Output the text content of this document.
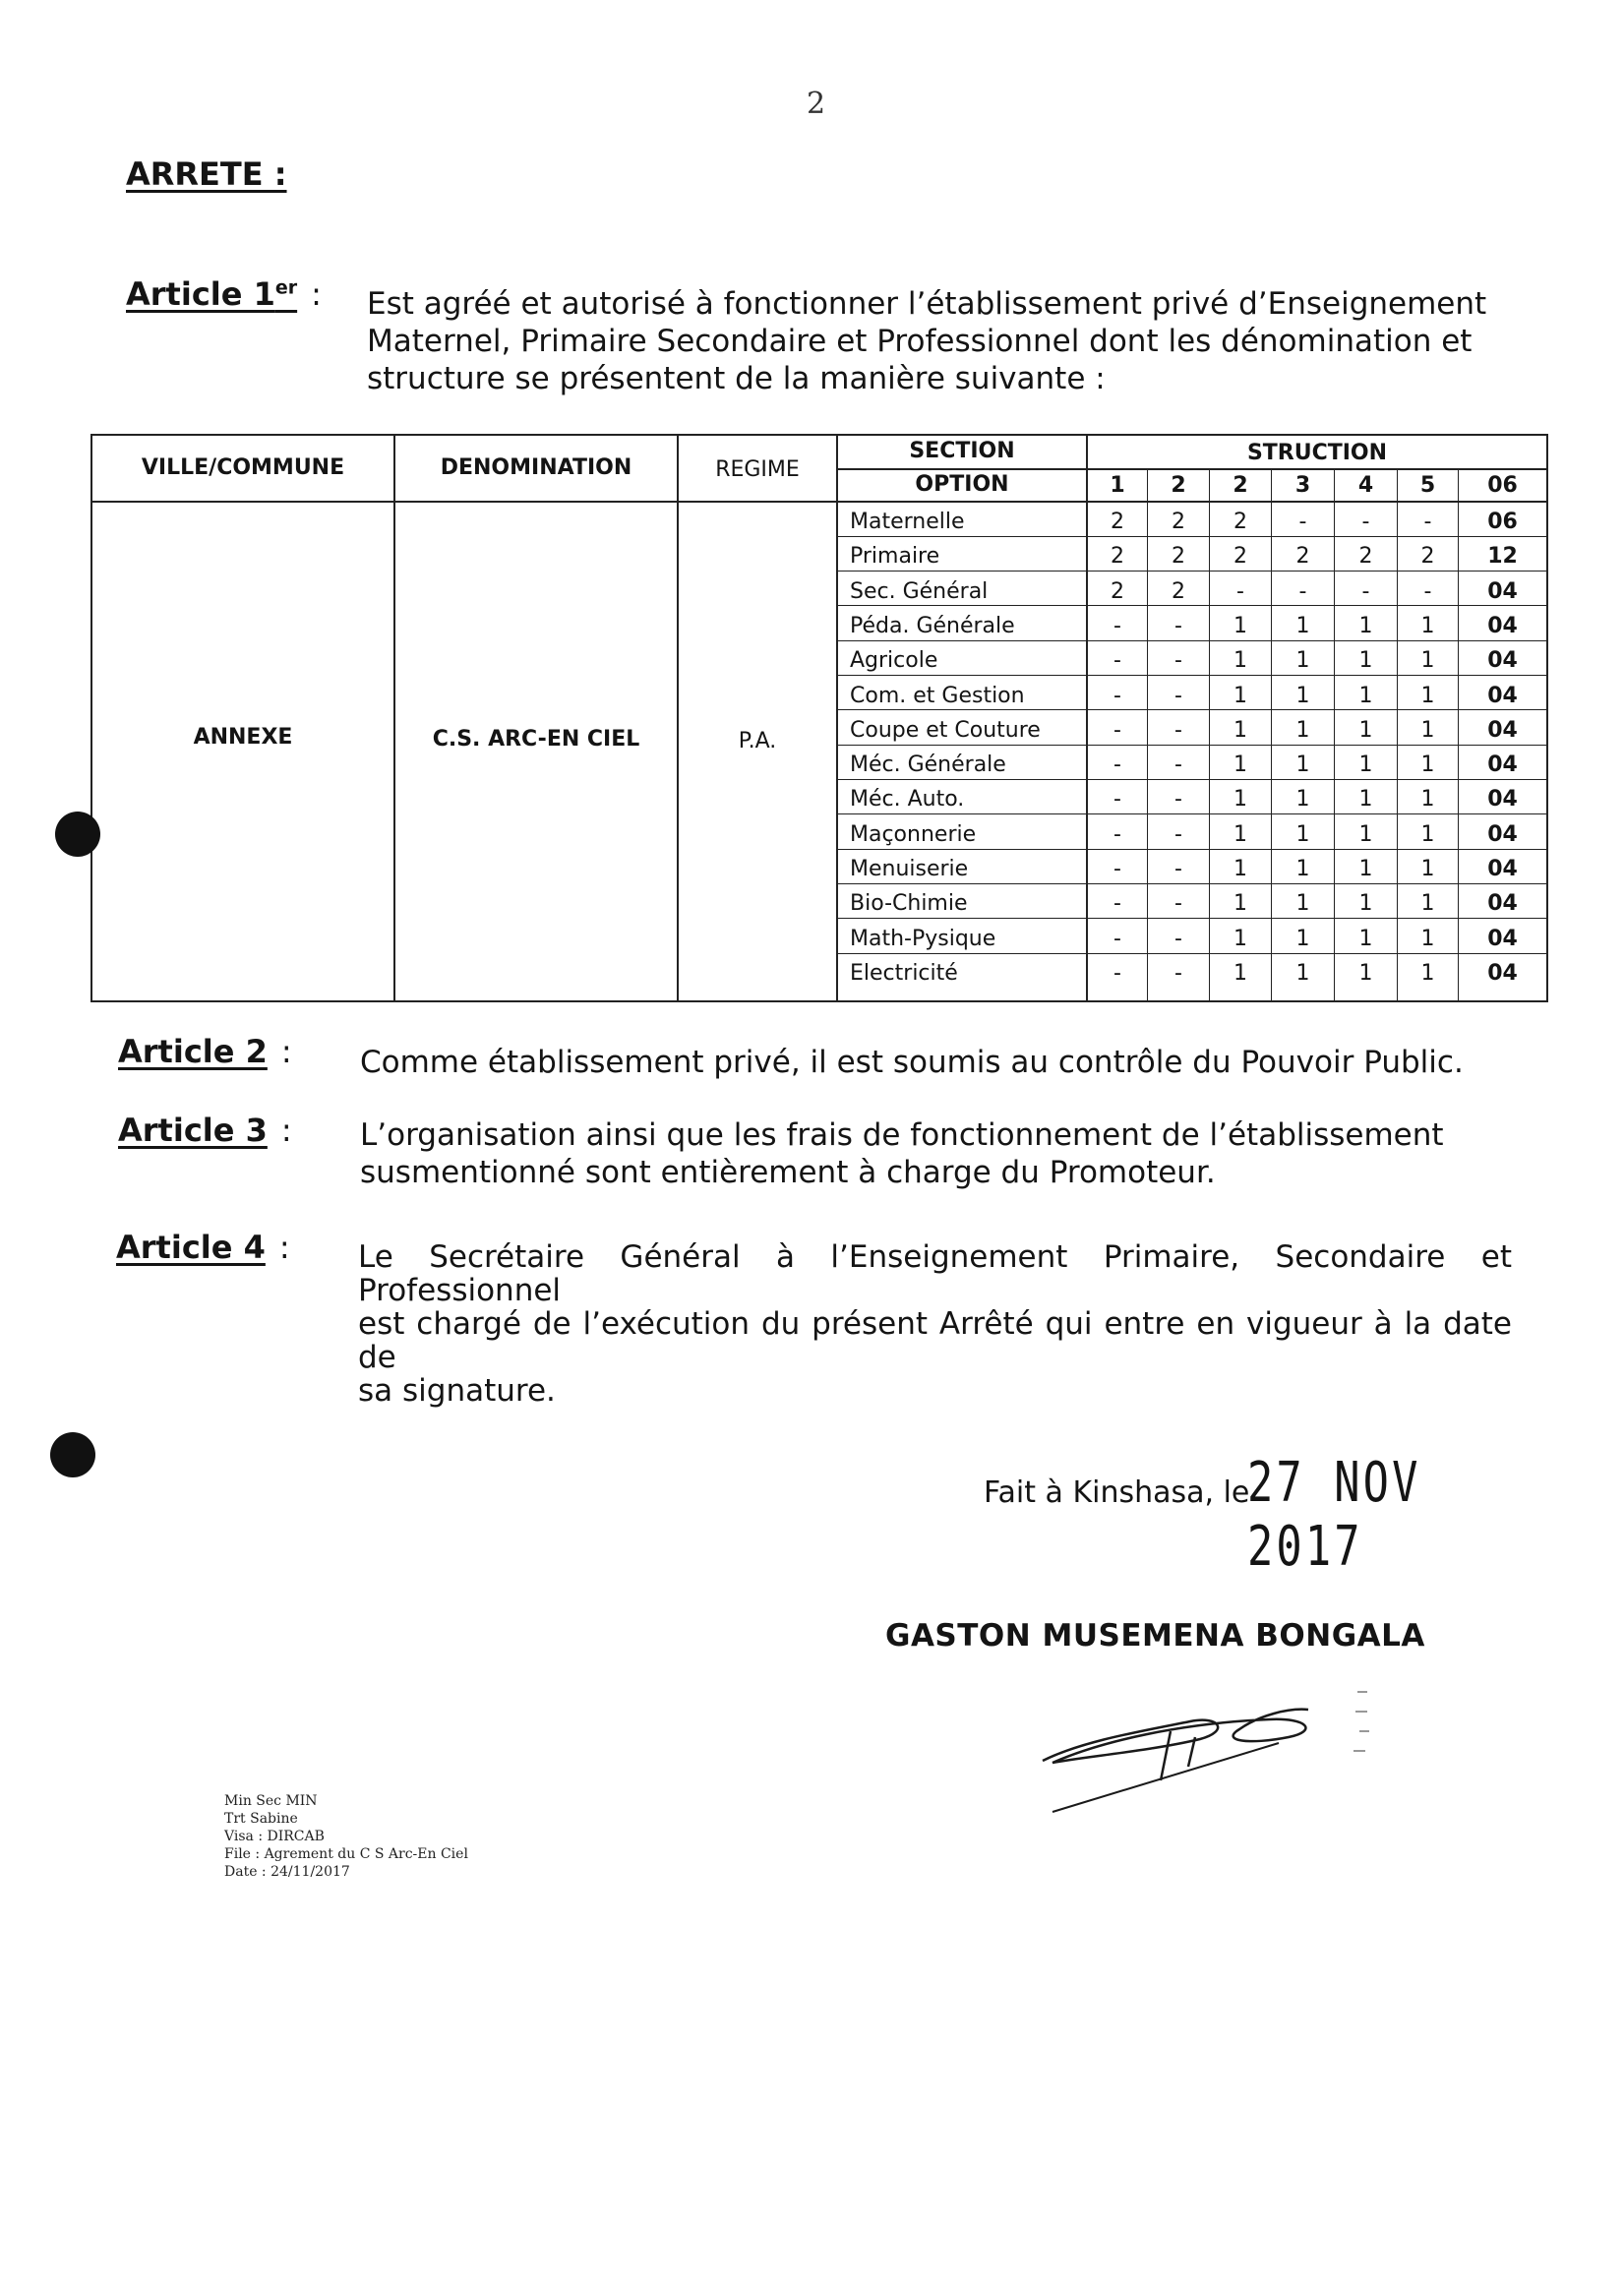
2
ARRETE :
Article 1er : Est agréé et autorisé à fonctionner l’établissement privé d’Enseignement
Maternel, Primaire Secondaire et Professionnel dont les dénomination et
structure se présentent de la manière suivante :
VILLE/COMMUNE	DENOMINATION	REGIME
SECTION
OPTION
STRUCTION
1	2	2	3	4	5	06
ANNEXE	C.S. ARC-EN CIEL	P.A.
Maternelle	2	2	2	-	-	-	06
Primaire	2	2	2	2	2	2	12
Sec. Général	2	2	-	-	-	-	04
Péda. Générale	-	-	1	1	1	1	04
Agricole	-	-	1	1	1	1	04
Com. et Gestion	-	-	1	1	1	1	04
Coupe et Couture	-	-	1	1	1	1	04
Méc. Générale	-	-	1	1	1	1	04
Méc. Auto.	-	-	1	1	1	1	04
Maçonnerie	-	-	1	1	1	1	04
Menuiserie	-	-	1	1	1	1	04
Bio-Chimie	-	-	1	1	1	1	04
Math-Pysique	-	-	1	1	1	1	04
Electricité	-	-	1	1	1	1	04
Article 2 : Comme établissement privé, il est soumis au contrôle du Pouvoir Public.
Article 3 : L’organisation ainsi que les frais de fonctionnement de l’établissement
susmentionné sont entièrement à charge du Promoteur.
Article 4 : Le Secrétaire Général à l’Enseignement Primaire, Secondaire et Professionnel
est chargé de l’exécution du présent Arrêté qui entre en vigueur à la date de
sa signature.
Fait à Kinshasa, le
27 NOV 2017
GASTON MUSEMENA BONGALA
Min Sec MIN
Trt Sabine
Visa : DIRCAB
File : Agrement du C S Arc-En Ciel
Date : 24/11/2017
